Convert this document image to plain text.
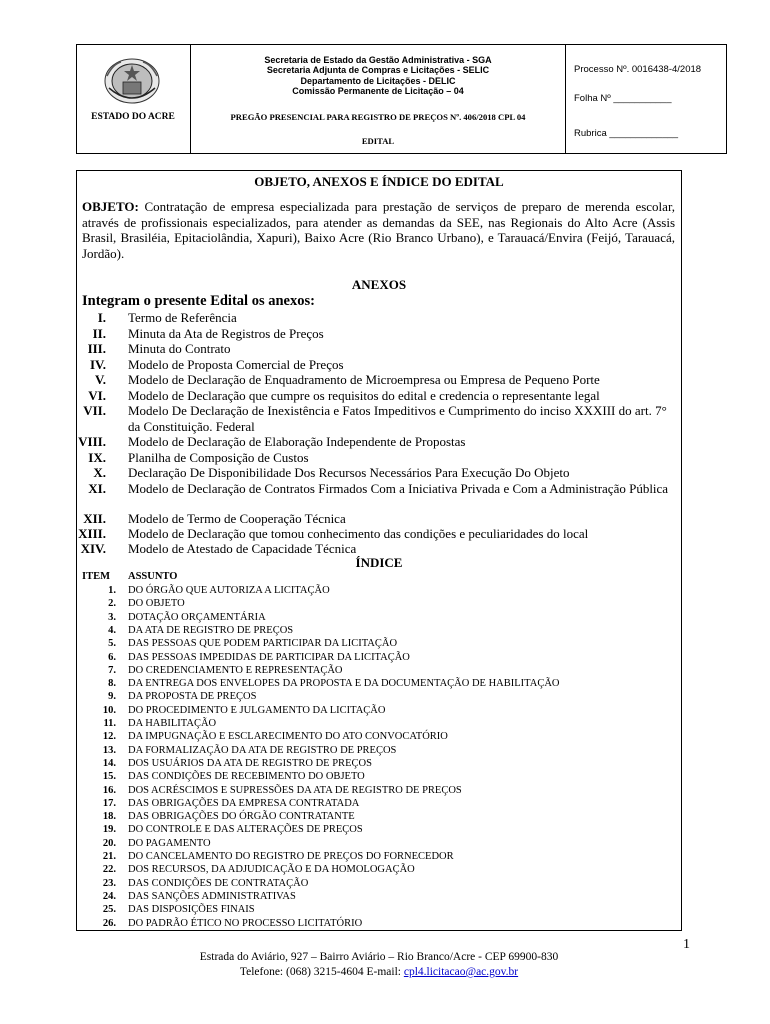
ESTADO DO ACRE
Secretaria de Estado da Gestão Administrativa - SGA
Secretaria Adjunta de Compras e Licitações - SELIC
Departamento de Licitações - DELIC
Comissão Permanente de Licitação – 04
PREGÃO PRESENCIAL PARA REGISTRO DE PREÇOS Nº. 406/2018 CPL 04
EDITAL
Processo Nº. 0016438-4/2018
Folha Nº ___________
Rubrica _____________
OBJETO, ANEXOS E ÍNDICE DO EDITAL
OBJETO: Contratação de empresa especializada para prestação de serviços de preparo de merenda escolar, através de profissionais especializados, para atender as demandas da SEE, nas Regionais do Alto Acre (Assis Brasil, Brasiléia, Epitaciolândia, Xapuri), Baixo Acre (Rio Branco Urbano), e Tarauacá/Envira (Feijó, Tarauacá, Jordão).
ANEXOS
Integram o presente Edital os anexos:
I. Termo de Referência
II. Minuta da Ata de Registros de Preços
III. Minuta do Contrato
IV. Modelo de Proposta Comercial de Preços
V. Modelo de Declaração de Enquadramento de Microempresa ou Empresa de Pequeno Porte
VI. Modelo de Declaração que cumpre os requisitos do edital e credencia o representante legal
VII. Modelo De Declaração de Inexistência e Fatos Impeditivos e Cumprimento do inciso XXXIII do art. 7° da Constituição. Federal
VIII. Modelo de Declaração de Elaboração Independente de Propostas
IX. Planilha de Composição de Custos
X. Declaração De Disponibilidade Dos Recursos Necessários Para Execução Do Objeto
XI. Modelo de Declaração de Contratos Firmados Com a Iniciativa Privada e Com a Administração Pública
XII. Modelo de Termo de Cooperação Técnica
XIII. Modelo de Declaração que tomou conhecimento das condições e peculiaridades do local
XIV. Modelo de Atestado de Capacidade Técnica
ÍNDICE
ITEM ASSUNTO
1. DO ÓRGÃO QUE AUTORIZA A LICITAÇÃO
2. DO OBJETO
3. DOTAÇÃO ORÇAMENTÁRIA
4. DA ATA DE REGISTRO DE PREÇOS
5. DAS PESSOAS QUE PODEM PARTICIPAR DA LICITAÇÃO
6. DAS PESSOAS IMPEDIDAS DE PARTICIPAR DA LICITAÇÃO
7. DO CREDENCIAMENTO E REPRESENTAÇÃO
8. DA ENTREGA DOS ENVELOPES DA PROPOSTA E DA DOCUMENTAÇÃO DE HABILITAÇÃO
9. DA PROPOSTA DE PREÇOS
10. DO PROCEDIMENTO E JULGAMENTO DA LICITAÇÃO
11. DA HABILITAÇÃO
12. DA IMPUGNAÇÃO E ESCLARECIMENTO DO ATO CONVOCATÓRIO
13. DA FORMALIZAÇÃO DA ATA DE REGISTRO DE PREÇOS
14. DOS USUÁRIOS DA ATA DE REGISTRO DE PREÇOS
15. DAS CONDIÇÕES DE RECEBIMENTO DO OBJETO
16. DOS ACRÉSCIMOS E SUPRESSÕES DA ATA DE REGISTRO DE PREÇOS
17. DAS OBRIGAÇÕES DA EMPRESA CONTRATADA
18. DAS OBRIGAÇÕES DO ÓRGÃO CONTRATANTE
19. DO CONTROLE E DAS ALTERAÇÕES DE PREÇOS
20. DO PAGAMENTO
21. DO CANCELAMENTO DO REGISTRO DE PREÇOS DO FORNECEDOR
22. DOS RECURSOS, DA ADJUDICAÇÃO E DA HOMOLOGAÇÃO
23. DAS CONDIÇÕES DE CONTRATAÇÃO
24. DAS SANÇÕES ADMINISTRATIVAS
25. DAS DISPOSIÇÕES FINAIS
26. DO PADRÃO ÉTICO NO PROCESSO LICITATÓRIO
1
Estrada do Aviário, 927 – Bairro Aviário – Rio Branco/Acre - CEP 69900-830
Telefone: (068) 3215-4604 E-mail: cpl4.licitacao@ac.gov.br
